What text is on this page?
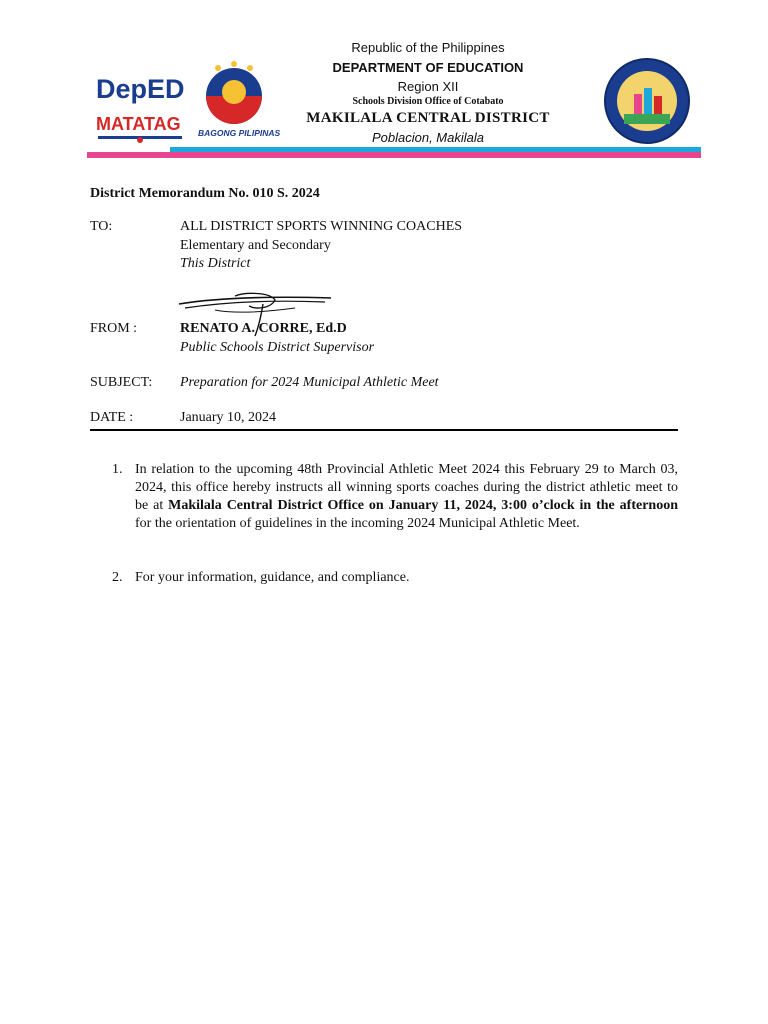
DepED
MATATAG BAGONG PILIPINAS
Republic of the Philippines
DEPARTMENT OF EDUCATION
Region XII
Schools Division Office of Cotabato
MAKILALA CENTRAL DISTRICT
Poblacion, Makilala
District Memorandum No. 010 S. 2024
TO:	ALL DISTRICT SPORTS WINNING COACHES
Elementary and Secondary
This District
FROM :	RENATO A. CORRE, Ed.D
Public Schools District Supervisor
SUBJECT: Preparation for 2024 Municipal Athletic Meet
DATE :	January 10, 2024
1. In relation to the upcoming 48th Provincial Athletic Meet 2024 this February 29 to March 03, 2024, this office hereby instructs all winning sports coaches during the district athletic meet to be at Makilala Central District Office on January 11, 2024, 3:00 o’clock in the afternoon for the orientation of guidelines in the incoming 2024 Municipal Athletic Meet.
2. For your information, guidance, and compliance.
